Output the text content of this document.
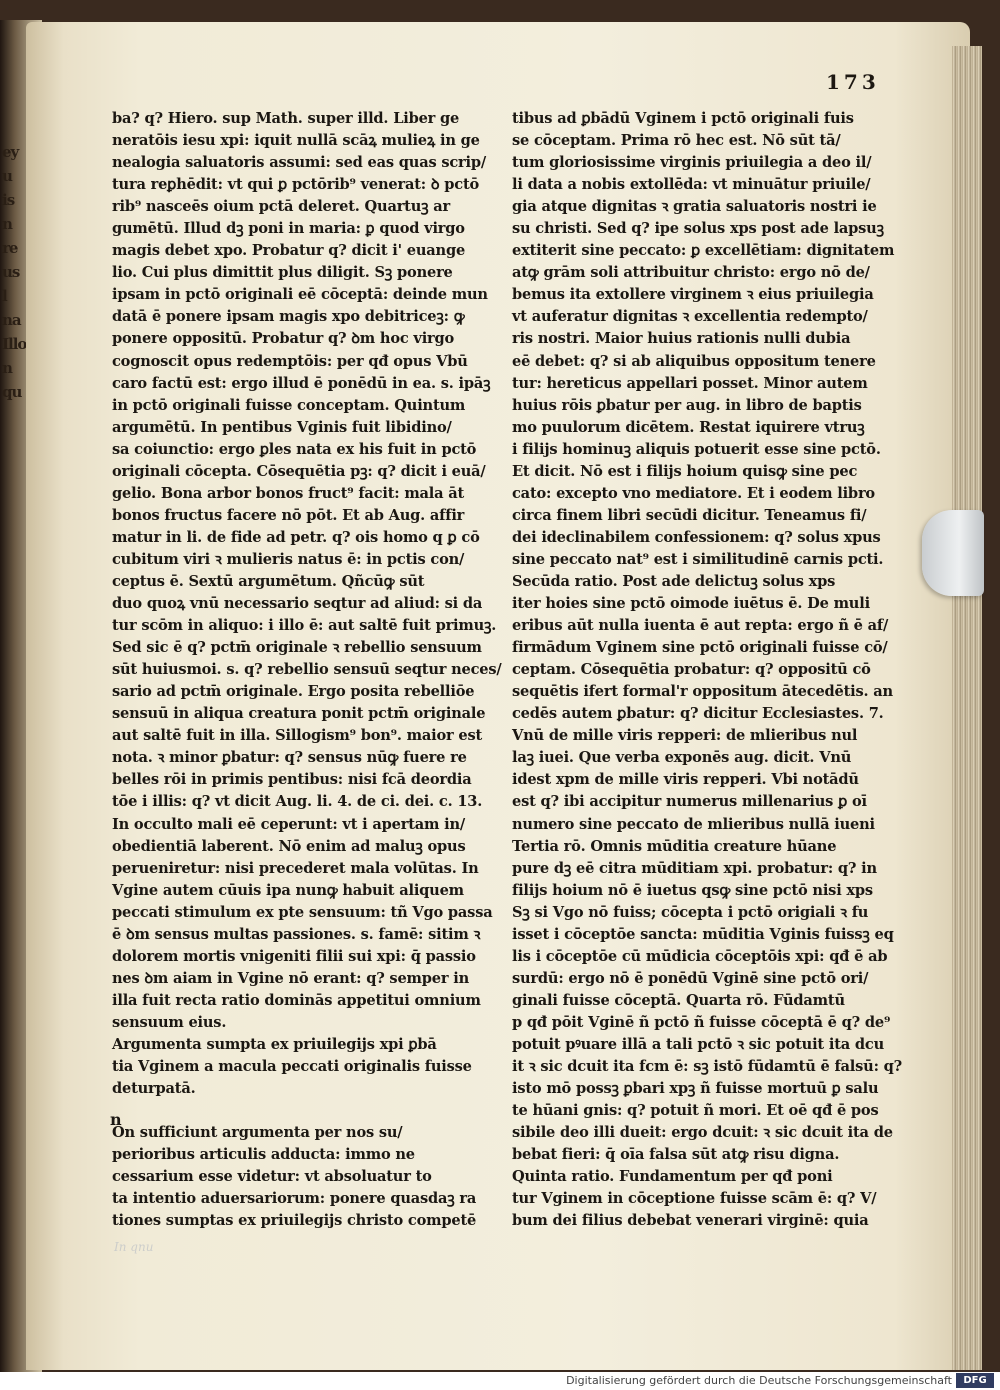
ey
u
is
n
re
us
l
na
Illo
n
qu
173
ba? q? Hiero. sup Math. super illd. Liber ge
neratōis iesu xpi: iquit nullā scāꝝ mulieꝝ in ge
nealogia saluatoris assumi: sed eas quas scrip/
tura reꝑhēdit: vt qui ꝑ pctōrib⁹ venerat: ꝺ pctō
rib⁹ nasceēs oium pctā deleret. Quartuꝫ ar
gumētū. Illud dꝫ poni in maria: ꝑ quod virgo
magis debet xpo. Probatur q? dicit i' euange
lio. Cui plus dimittit plus diligit. Sꝫ ponere
ipsam in pctō originali eē cōceptā: deinde mun
datā ē ponere ipsam magis xpo debitriceꝫ: ꝙ
ponere oppositū. Probatur q? ꝺm hoc virgo
cognoscit opus redemptōis: per qđ opus Vbū
caro factū est: ergo illud ē ponēdū in ea. s. ipāꝫ
in pctō originali fuisse conceptam. Quintum
argumētū. In pentibus Vginis fuit libidino/
sa coiunctio: ergo ꝑles nata ex his fuit in pctō
originali cōcepta. Cōsequētia pꝫ: q? dicit i euā/
gelio. Bona arbor bonos fruct⁹ facit: mala āt
bonos fructus facere nō pōt. Et ab Aug. affir
matur in li. de fide ad petr. q? ois homo q ꝑ cō
cubitum viri ꝛ mulieris natus ē: in pctis con/
ceptus ē. Sextū argumētum. Qñcūꝙ sūt
duo quoꝝ vnū necessario seqtur ad aliud: si da
tur scōm in aliquo: i illo ē: aut saltē fuit primuꝫ.
Sed sic ē q? pctm̄ originale ꝛ rebellio sensuum
sūt huiusmoi. s. q? rebellio sensuū seqtur neces/
sario ad pctm̄ originale. Ergo posita rebelliōe
sensuū in aliqua creatura ponit pctm̄ originale
aut saltē fuit in illa. Sillogism⁹ bon⁹. maior est
nota. ꝛ minor ꝑbatur: q? sensus nūꝙ fuere re
belles rōi in primis pentibus: nisi fcā deordia
tōe i illis: q? vt dicit Aug. li. 4. de ci. dei. c. 13.
In occulto mali eē ceperunt: vt i apertam in/
obedientiā laberent. Nō enim ad maluꝫ opus
perueniretur: nisi precederet mala volūtas. In
Vgine autem cūuis ipa nunꝙ habuit aliquem
peccati stimulum ex pte sensuum: tñ Vgo passa
ē ꝺm sensus multas passiones. s. famē: sitim ꝛ
dolorem mortis vnigeniti filii sui xpi: q̄ passio
nes ꝺm aiam in Vgine nō erant: q? semper in
illa fuit recta ratio dominās appetitui omnium
sensuum eius.
Argumenta sumpta ex priuilegijs xpi ꝑbā
tia Vginem a macula peccati originalis fuisse
deturpatā.
On sufficiunt argumenta per nos su/
perioribus articulis adducta: immo ne
cessarium esse videtur: vt absoluatur to
ta intentio aduersariorum: ponere quasdaꝫ ra
tiones sumptas ex priuilegijs christo competē
tibus ad ꝑbādū Vginem i pctō originali fuis
se cōceptam. Prima rō hec est. Nō sūt tā/
tum gloriosissime virginis priuilegia a deo il/
li data a nobis extollēda: vt minuātur priuile/
gia atque dignitas ꝛ gratia saluatoris nostri ie
su christi. Sed q? ipe solus xps post ade lapsuꝫ
extiterit sine peccato: ꝑ excellētiam: dignitatem
atꝙ grām soli attribuitur christo: ergo nō de/
bemus ita extollere virginem ꝛ eius priuilegia
vt auferatur dignitas ꝛ excellentia redempto/
ris nostri. Maior huius rationis nulli dubia
eē debet: q? si ab aliquibus oppositum tenere
tur: hereticus appellari posset. Minor autem
huius rōis ꝑbatur per aug. in libro de baptis
mo puulorum dicētem. Restat iquirere vtruꝫ
i filijs hominuꝫ aliquis potuerit esse sine pctō.
Et dicit. Nō est i filijs hoium quisꝙ sine pec
cato: excepto vno mediatore. Et i eodem libro
circa finem libri secūdi dicitur. Teneamus fi/
dei ideclinabilem confessionem: q? solus xpus
sine peccato nat⁹ est i similitudinē carnis pcti.
Secūda ratio. Post ade delictuꝫ solus xps
iter hoies sine pctō oimode iuētus ē. De muli
eribus aūt nulla iuenta ē aut repta: ergo ñ ē af/
firmādum Vginem sine pctō originali fuisse cō/
ceptam. Cōsequētia probatur: q? oppositū cō
sequētis ifert formal'r oppositum ātecedētis. an
cedēs autem ꝑbatur: q? dicitur Ecclesiastes. 7.
Vnū de mille viris repperi: de mlieribus nul
laꝫ iuei. Que verba exponēs aug. dicit. Vnū
idest xpm de mille viris repperi. Vbi notādū
est q? ibi accipitur numerus millenarius ꝑ oī
numero sine peccato de mlieribus nullā iueni
Tertia rō. Omnis mūditia creature hūane
pure dꝫ eē citra mūditiam xpi. probatur: q? in
filijs hoium nō ē iuetus qsꝙ sine pctō nisi xps
Sꝫ si Vgo nō fuiss; cōcepta i pctō origiali ꝛ fu
isset i cōceptōe sancta: mūditia Vginis fuissꝫ eq
lis i cōceptōe cū mūdicia cōceptōis xpi: qđ ē ab
surdū: ergo nō ē ponēdū Vginē sine pctō ori/
ginali fuisse cōceptā. Quarta rō. Fūdamtū
p qđ pōit Vginē ñ pctō ñ fuisse cōceptā ē q? de⁹
potuit pꝰuare illā a tali pctō ꝛ sic potuit ita dcu
it ꝛ sic dcuit ita fcm ē: sꝫ istō fūdamtū ē falsū: q?
isto mō possꝫ ꝑbari xpꝫ ñ fuisse mortuū ꝑ salu
te hūani gnis: q? potuit ñ mori. Et oē qđ ē pos
sibile deo illi dueit: ergo dcuit: ꝛ sic dcuit ita de
bebat fieri: q̄ oīa falsa sūt atꝙ risu digna.
Quinta ratio. Fundamentum per qđ poni
tur Vginem in cōceptione fuisse scām ē: q? V/
bum dei filius debebat venerari virginē: quia
n
In qnu
Digitalisierung gefördert durch die Deutsche Forschungsgemeinschaft	DFG
